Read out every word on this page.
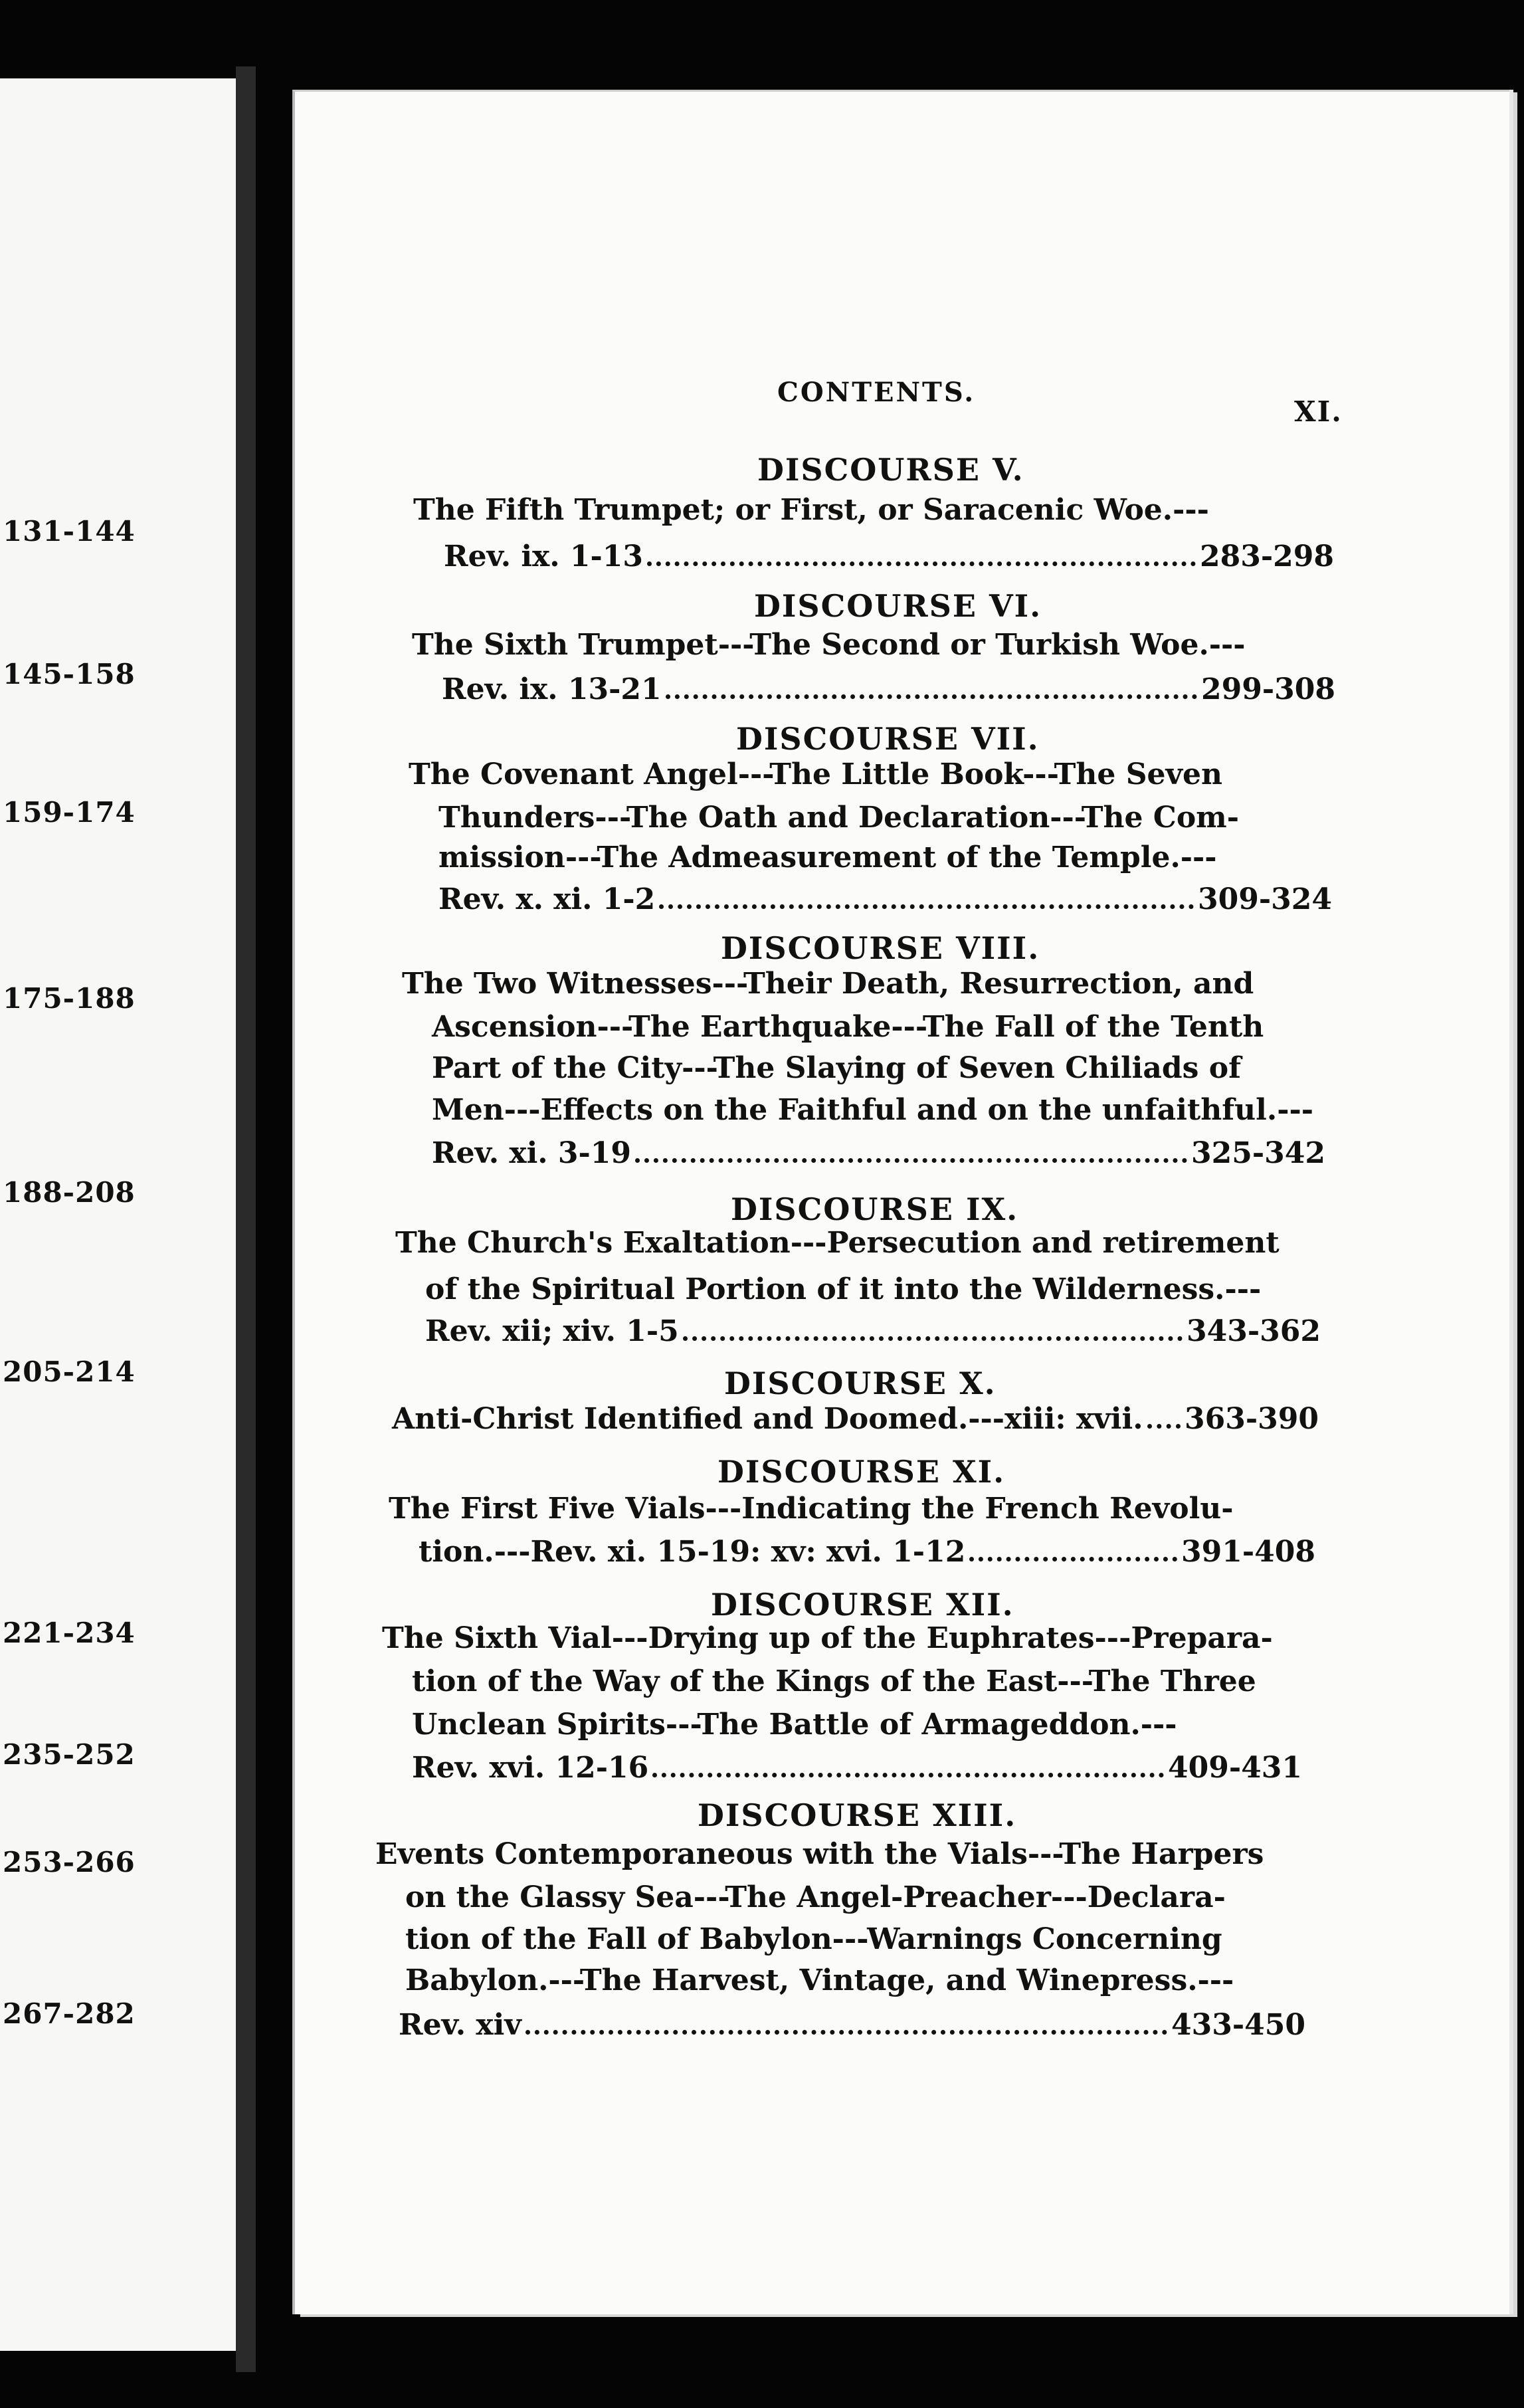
131-144
145-158
159-174
175-188
188-208
205-214
221-234
235-252
253-266
267-282
CONTENTS.
XI.
DISCOURSE V.
The Fifth Trumpet; or First, or Saracenic Woe.---
Rev. ix. 1-13	283-298
DISCOURSE VI.
The Sixth Trumpet---The Second or Turkish Woe.---
Rev. ix. 13-21	299-308
DISCOURSE VII.
The Covenant Angel---The Little Book---The Seven
Thunders---The Oath and Declaration---The Com-
mission---The Admeasurement of the Temple.---
Rev. x. xi. 1-2	309-324
DISCOURSE VIII.
The Two Witnesses---Their Death, Resurrection, and
Ascension---The Earthquake---The Fall of the Tenth
Part of the City---The Slaying of Seven Chiliads of
Men---Effects on the Faithful and on the unfaithful.---
Rev. xi. 3-19	325-342
DISCOURSE IX.
The Church's Exaltation---Persecution and retirement
of the Spiritual Portion of it into the Wilderness.---
Rev. xii; xiv. 1-5	343-362
DISCOURSE X.
Anti-Christ Identified and Doomed.---xiii: xvii. 363-390
DISCOURSE XI.
The First Five Vials---Indicating the French Revolu-
tion.---Rev. xi. 15-19: xv: xvi. 1-12	391-408
DISCOURSE XII.
The Sixth Vial---Drying up of the Euphrates---Prepara-
tion of the Way of the Kings of the East---The Three
Unclean Spirits---The Battle of Armageddon.---
Rev. xvi. 12-16	409-431
DISCOURSE XIII.
Events Contemporaneous with the Vials---The Harpers
on the Glassy Sea---The Angel-Preacher---Declara-
tion of the Fall of Babylon---Warnings Concerning
Babylon.---The Harvest, Vintage, and Winepress.---
Rev. xiv	433-450
